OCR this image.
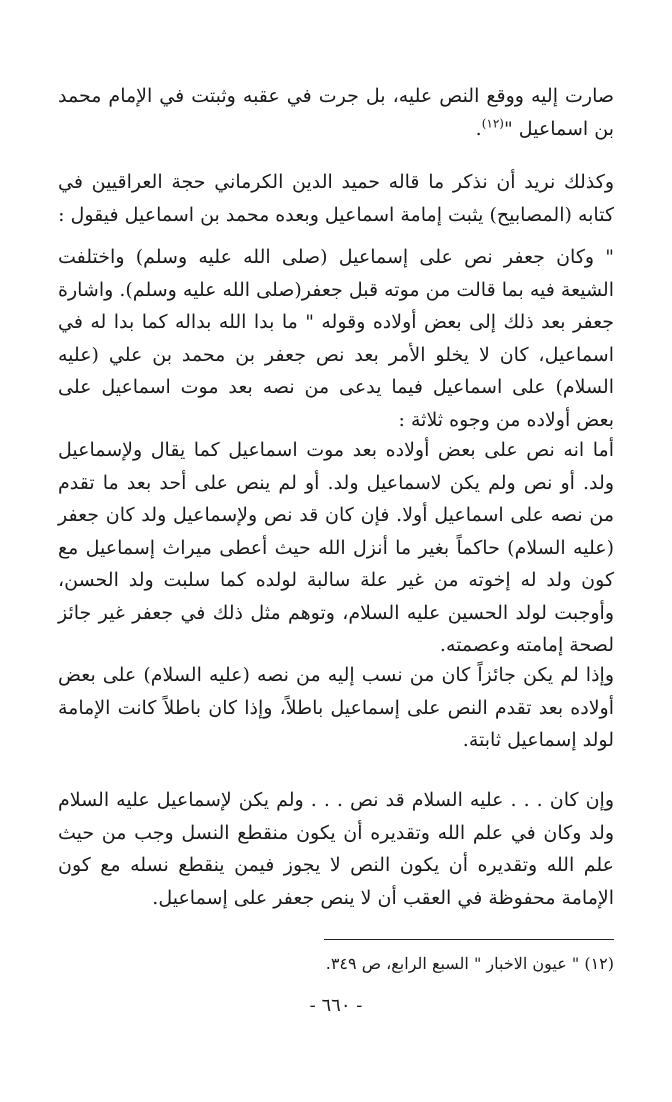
صارت إليه ووقع النص عليه، بل جرت في عقبه وثبتت في الإمام محمد بن اسماعيل "$^{(١٢)}$.

وكذلك نريد أن نذكر ما قاله حميد الدين الكرماني حجة العراقيين في كتابه (المصابيح) يثبت إمامة اسماعيل وبعده محمد بن اسماعيل فيقول :

" وكان جعفر نص على إسماعيل (صلى الله عليه وسلم) واختلفت الشيعة فيه بما قالت من موته قبل جعفر(صلى الله عليه وسلم). واشارة جعفر بعد ذلك إلى بعض أولاده وقوله " ما بدا الله بداله كما بدا له في اسماعيل، كان لا يخلو الأمر بعد نص جعفر بن محمد بن علي (عليه السلام) على اسماعيل فيما يدعى من نصه بعد موت اسماعيل على بعض أولاده من وجوه ثلاثة :

أما انه نص على بعض أولاده بعد موت اسماعيل كما يقال ولإسماعيل ولد. أو نص ولم يكن لاسماعيل ولد. أو لم ينص على أحد بعد ما تقدم من نصه على اسماعيل أولا. فإن كان قد نص ولإسماعيل ولد كان جعفر (عليه السلام) حاكماً بغير ما أنزل الله حيث أعطى ميراث إسماعيل مع كون ولد له إخوته من غير علة سالبة لولده كما سلبت ولد الحسن، وأوجبت لولد الحسين عليه السلام، وتوهم مثل ذلك في جعفر غير جائز لصحة إمامته وعصمته.

وإذا لم يكن جائزاً كان من نسب إليه من نصه (عليه السلام) على بعض أولاده بعد تقدم النص على إسماعيل باطلاً، وإذا كان باطلاً كانت الإمامة لولد إسماعيل ثابتة.

وإن كان . . . عليه السلام قد نص . . . ولم يكن لإسماعيل عليه السلام ولد وكان في علم الله وتقديره أن يكون منقطع النسل وجب من حيث علم الله وتقديره أن يكون النص لا يجوز فيمن ينقطع نسله مع كون الإمامة محفوظة في العقب أن لا ينص جعفر على إسماعيل.

(١٢) " عيون الاخبار " السبع الرابع، ص ٣٤٩.

- ٦٦٠ -
